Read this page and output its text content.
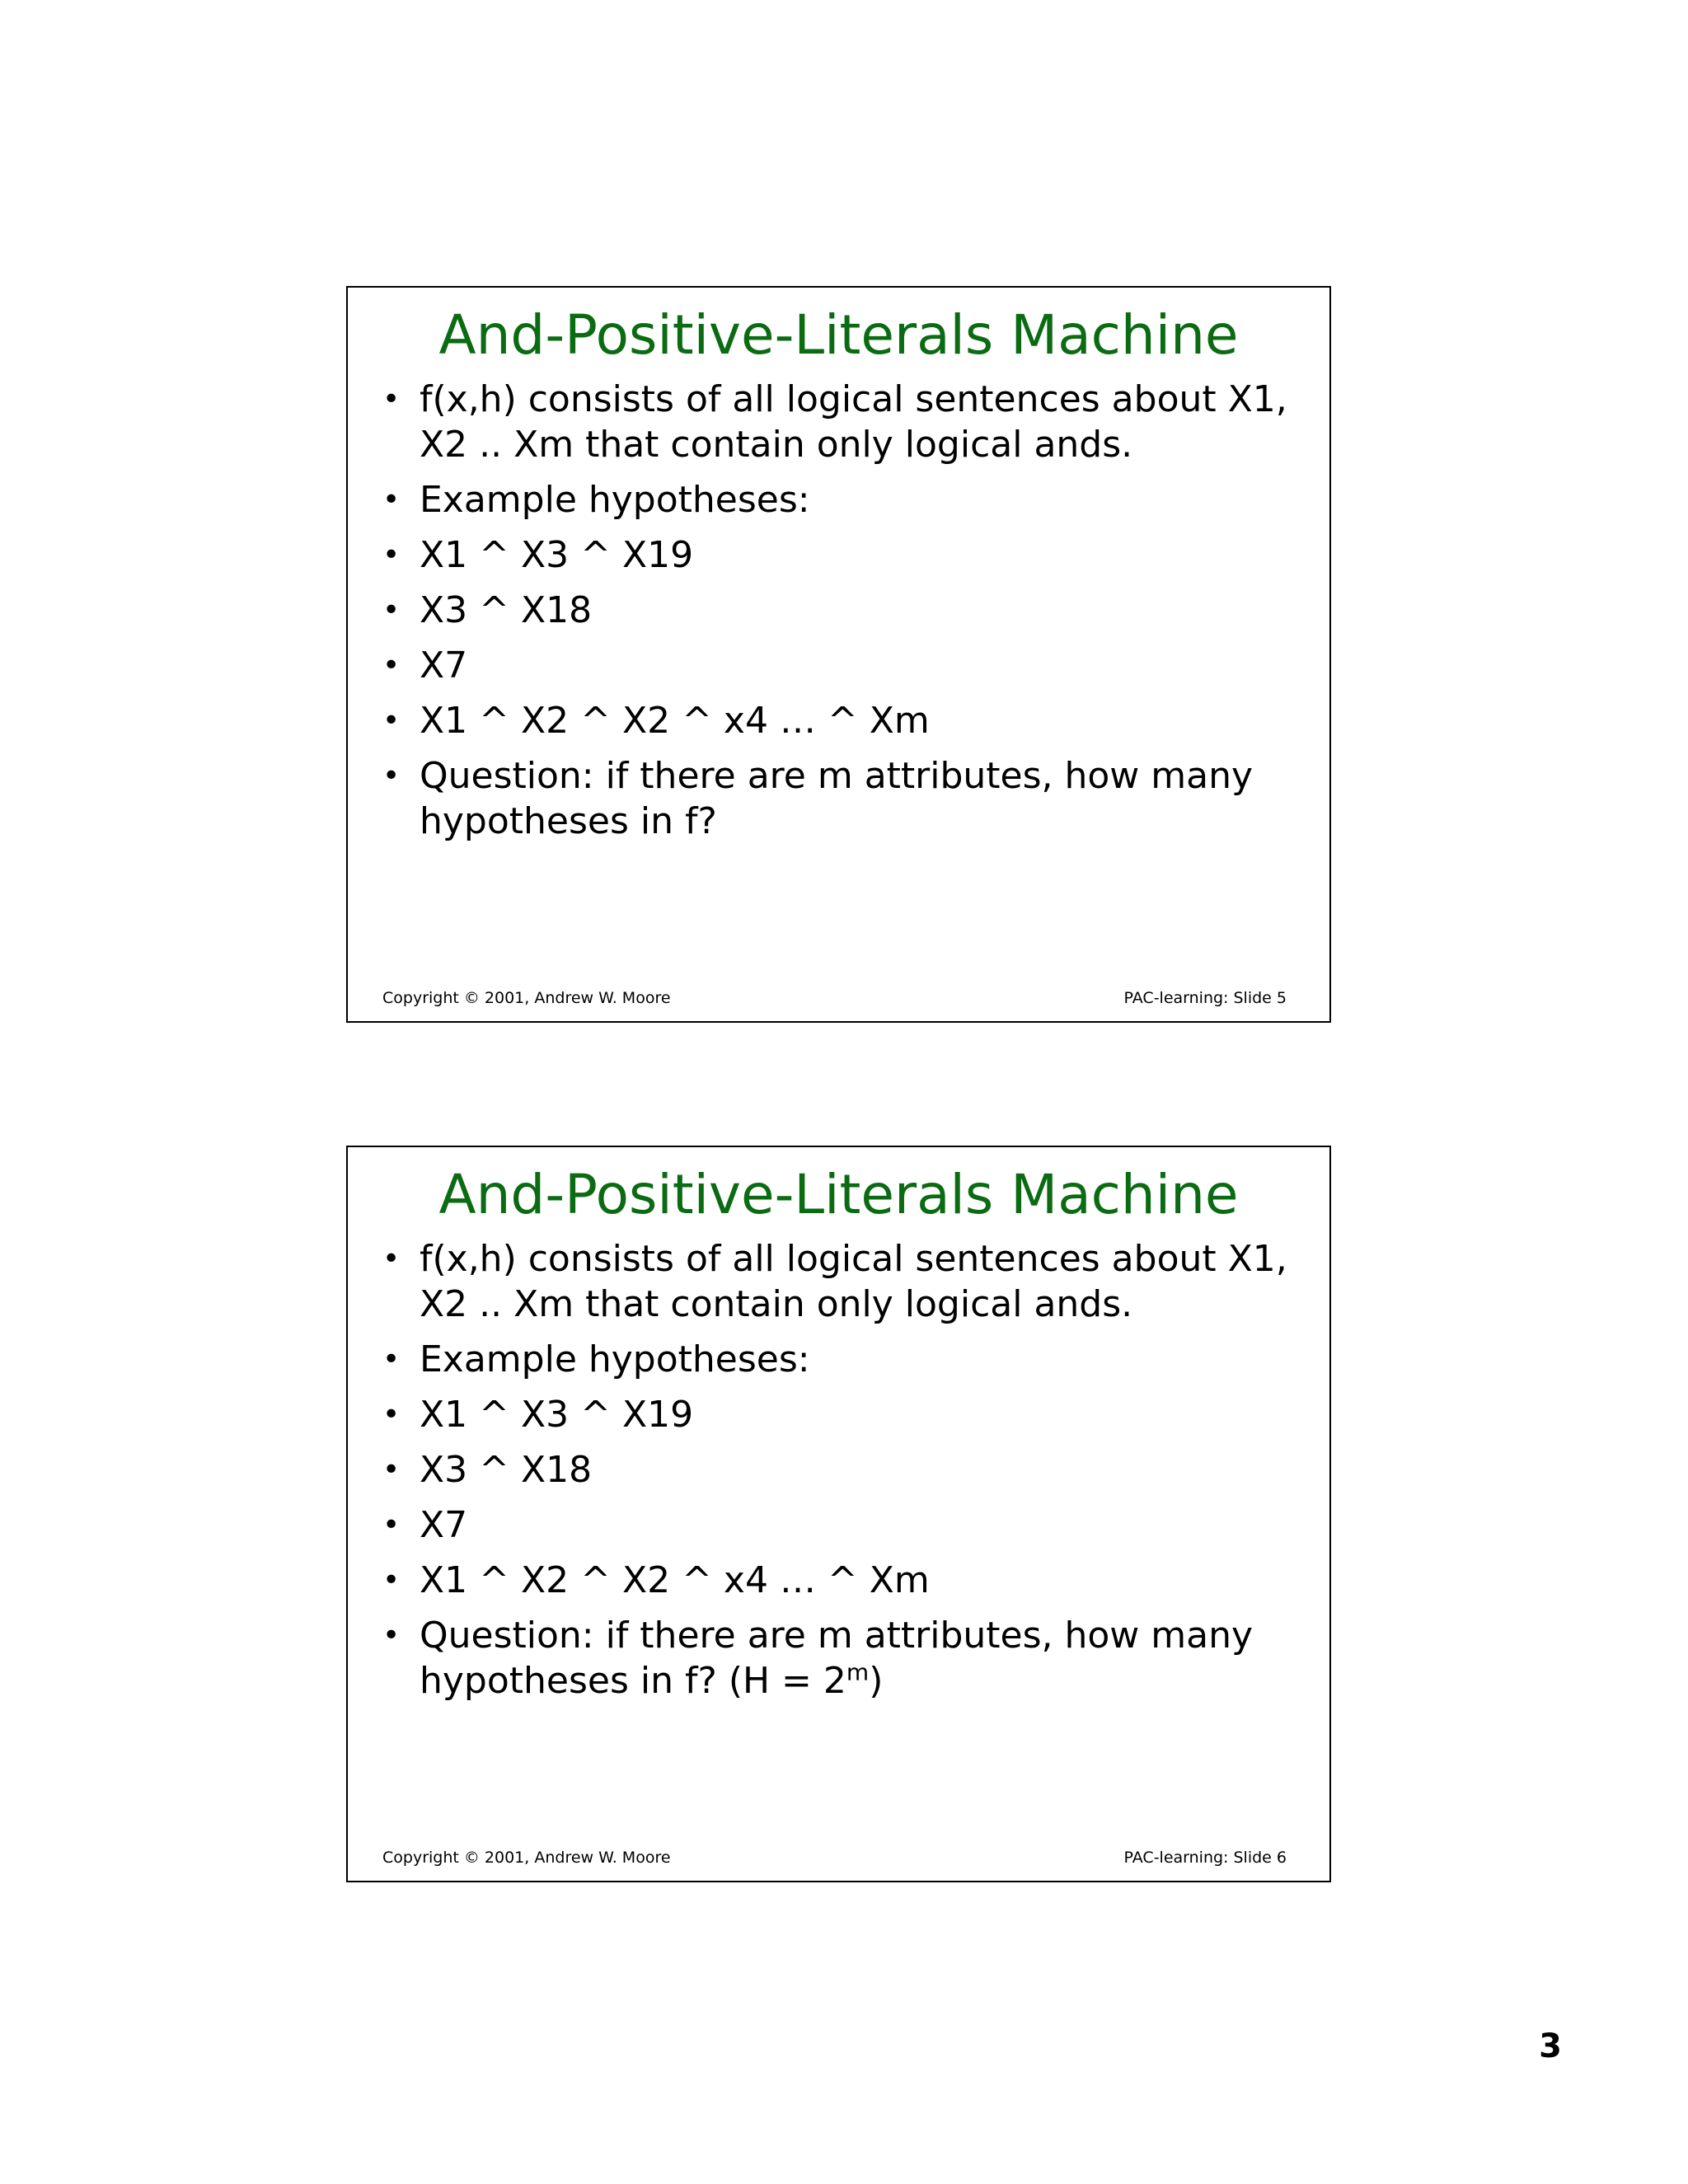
And-Positive-Literals Machine
• f(x,h) consists of all logical sentences about X1, X2 .. Xm that contain only logical ands.
• Example hypotheses:
• X1 ^ X3 ^ X19
• X3 ^ X18
• X7
• X1 ^ X2 ^ X2 ^ x4 … ^ Xm
• Question: if there are m attributes, how many hypotheses in f?
Copyright © 2001, Andrew W. Moore	PAC-learning: Slide 5
And-Positive-Literals Machine
• f(x,h) consists of all logical sentences about X1, X2 .. Xm that contain only logical ands.
• Example hypotheses:
• X1 ^ X3 ^ X19
• X3 ^ X18
• X7
• X1 ^ X2 ^ X2 ^ x4 … ^ Xm
• Question: if there are m attributes, how many hypotheses in f? $(H = 2^m)$
Copyright © 2001, Andrew W. Moore	PAC-learning: Slide 6
3
